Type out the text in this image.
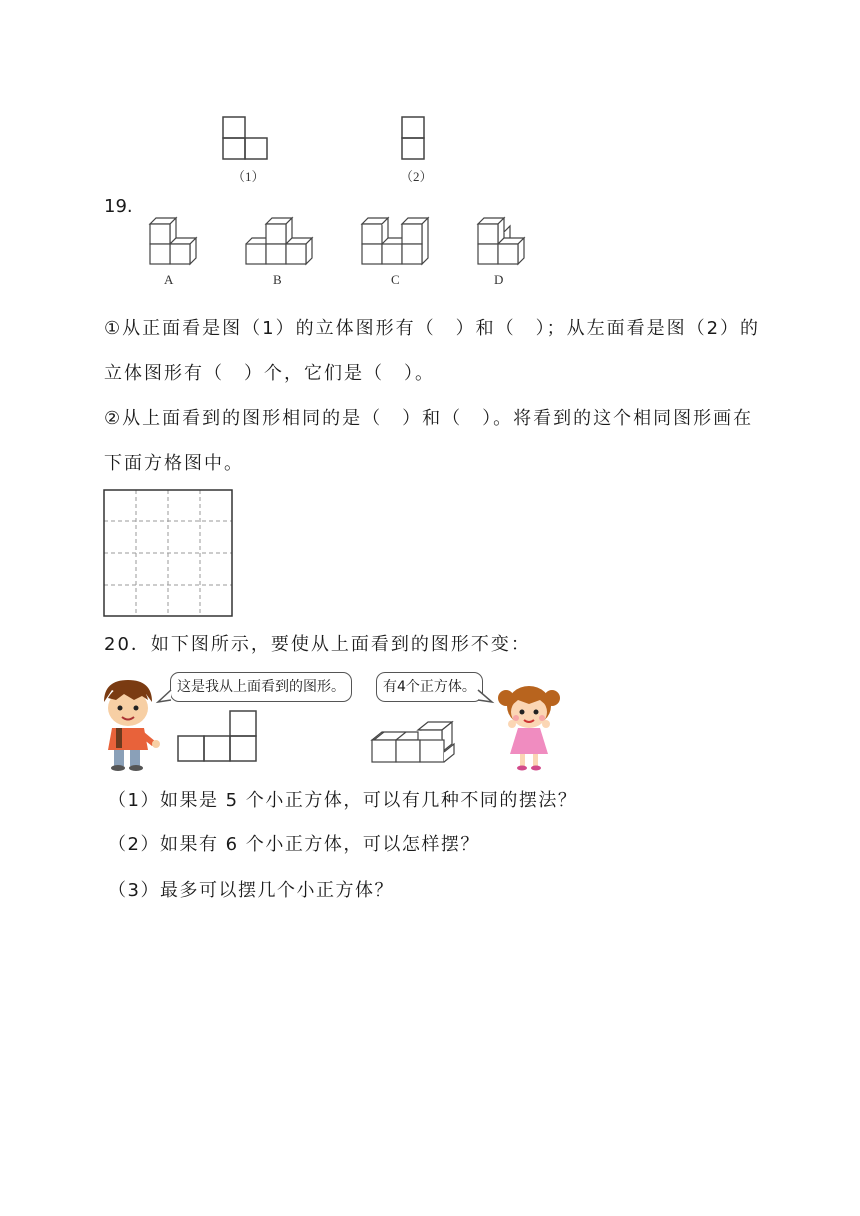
（1）	（2）
19.
A	B	C	D
①从正面看是图（1）的立体图形有（　）和（　）；从左面看是图（2）的
立体图形有（　）个，它们是（　）。
②从上面看到的图形相同的是（　）和（　）。将看到的这个相同图形画在
下面方格图中。
20．如下图所示，要使从上面看到的图形不变：
这是我从上面看到的图形。	有4个正方体。
（1）如果是 5 个小正方体，可以有几种不同的摆法？
（2）如果有 6 个小正方体，可以怎样摆？
（3）最多可以摆几个小正方体？
